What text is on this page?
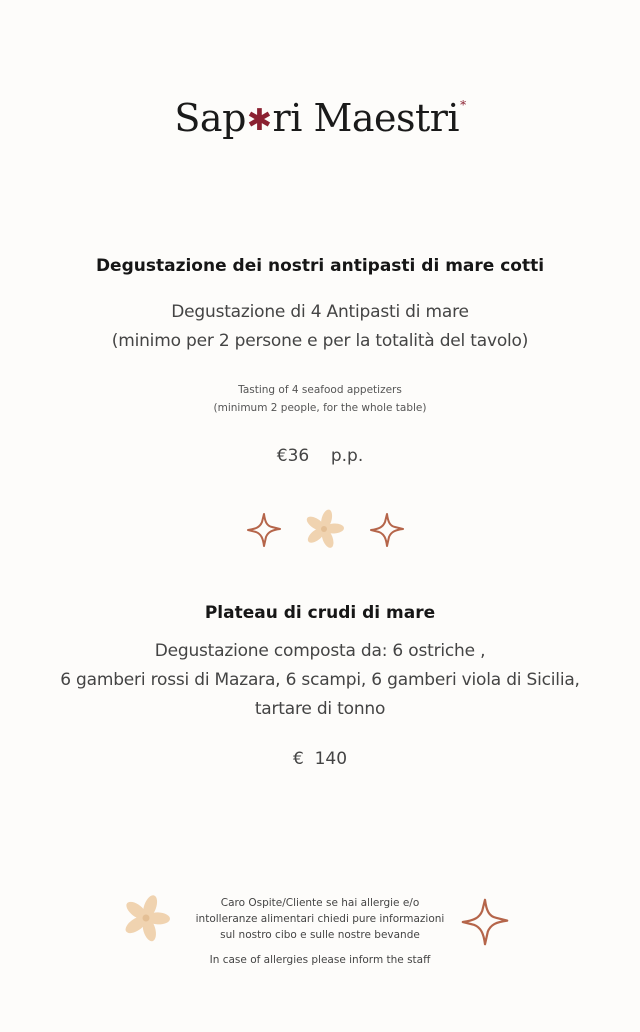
Sap✱ri Maestri*
Degustazione dei nostri antipasti di mare cotti
Degustazione di 4 Antipasti di mare
(minimo per 2 persone e per la totalità del tavolo)
Tasting of 4 seafood appetizers
(minimum 2 people, for the whole table)
€36    p.p.
Plateau di crudi di mare
Degustazione composta da: 6 ostriche ,
6 gamberi rossi di Mazara, 6 scampi, 6 gamberi viola di Sicilia,
tartare di tonno
€  140
Caro Ospite/Cliente se hai allergie e/o
intolleranze alimentari chiedi pure informazioni
sul nostro cibo e sulle nostre bevande
In case of allergies please inform the staff
